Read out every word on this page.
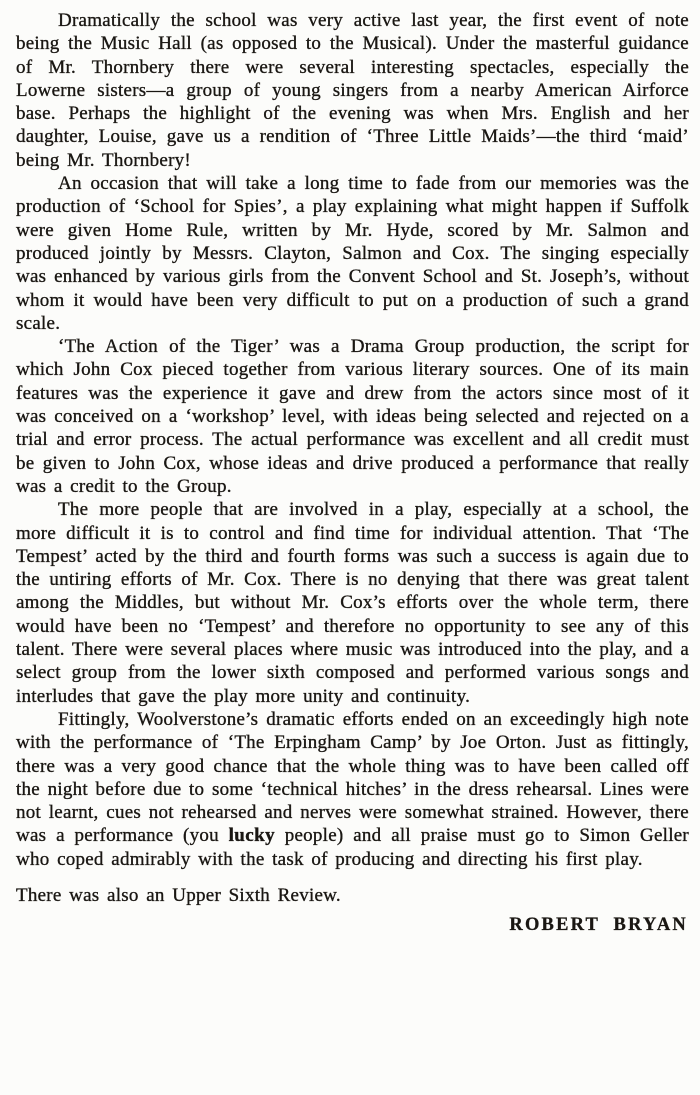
Dramatically the school was very active last year, the first event of note being the Music Hall (as opposed to the Musical). Under the masterful guidance of Mr. Thornbery there were several interesting spectacles, especially the Lowerne sisters—a group of young singers from a nearby American Airforce base. Perhaps the highlight of the evening was when Mrs. English and her daughter, Louise, gave us a rendition of ‘Three Little Maids’—the third ‘maid’ being Mr. Thornbery!

An occasion that will take a long time to fade from our memories was the production of ‘School for Spies’, a play explaining what might happen if Suffolk were given Home Rule, written by Mr. Hyde, scored by Mr. Salmon and produced jointly by Messrs. Clayton, Salmon and Cox. The singing especially was enhanced by various girls from the Convent School and St. Joseph’s, without whom it would have been very difficult to put on a production of such a grand scale.

‘The Action of the Tiger’ was a Drama Group production, the script for which John Cox pieced together from various literary sources. One of its main features was the experience it gave and drew from the actors since most of it was conceived on a ‘workshop’ level, with ideas being selected and rejected on a trial and error process. The actual performance was excellent and all credit must be given to John Cox, whose ideas and drive produced a performance that really was a credit to the Group.

The more people that are involved in a play, especially at a school, the more difficult it is to control and find time for individual attention. That ‘The Tempest’ acted by the third and fourth forms was such a success is again due to the untiring efforts of Mr. Cox. There is no denying that there was great talent among the Middles, but without Mr. Cox’s efforts over the whole term, there would have been no ‘Tempest’ and therefore no opportunity to see any of this talent. There were several places where music was introduced into the play, and a select group from the lower sixth composed and performed various songs and interludes that gave the play more unity and continuity.

Fittingly, Woolverstone’s dramatic efforts ended on an exceedingly high note with the performance of ‘The Erpingham Camp’ by Joe Orton. Just as fittingly, there was a very good chance that the whole thing was to have been called off the night before due to some ‘technical hitches’ in the dress rehearsal. Lines were not learnt, cues not rehearsed and nerves were somewhat strained. However, there was a performance (you lucky people) and all praise must go to Simon Geller who coped admirably with the task of producing and directing his first play.

There was also an Upper Sixth Review.

ROBERT BRYAN
